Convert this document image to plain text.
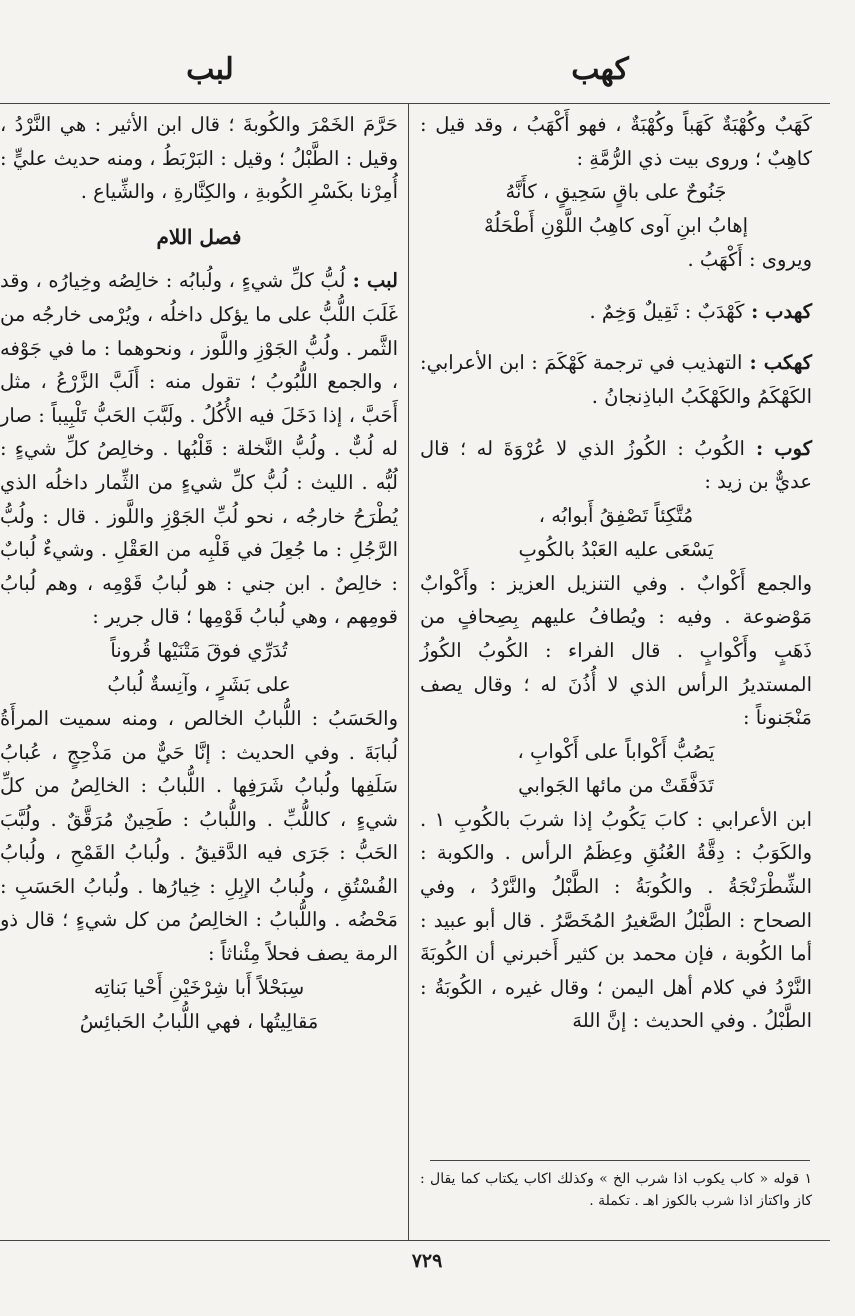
كهب
لبب

كَهَبٌ وكُهْبَةٌ كَهَباً وكُهْبَةٌ ، فهو أَكْهَبُ ، وقد قيل : كاهِبٌ ؛ وروى بيت ذي الرُّمَّةِ :

جَنُوحٌ على باقٍ سَحِيقٍ ، كأَنَّهُ

إهابُ ابنِ آوى كاهِبُ اللَّوْنِ أَطْحَلُهْ

ويروى : أَكْهَبُ .

كهدب : كَهْدَبٌ : ثَقِيلٌ وَخِمٌ .

كهكب : التهذيب في ترجمة كَهْكَمَ : ابن الأعرابي: الكَهْكَمُ والكَهْكَبُ الباذِنجانُ .

كوب : الكُوبُ : الكُوزُ الذي لا عُرْوَةَ له ؛ قال عديٌّ بن زيد :

مُتَّكِئاً تَصْفِقُ أَبوابُه ،

يَسْعَى عليه العَبْدُ بالكُوبِ

والجمع أَكْوابٌ . وفي التنزيل العزيز : وأَكْوابٌ مَوْضوعة . وفيه : ويُطافُ عليهم بِصِحافٍ من ذَهَبٍ وأَكْوابٍ . قال الفراء : الكُوبُ الكُوزُ المستديرُ الرأس الذي لا أُذُنَ له ؛ وقال يصف مَنْجَنوناً :

يَصُبُّ أَكْواباً على أَكْوابِ ،

تَدَفَّقَتْ من مائها الجَوابي

ابن الأعرابي : كابَ يَكُوبُ إذا شربَ بالكُوبِ ١ . والكَوَبُ : دِقَّةُ العُنُقِ وعِظَمُ الرأس . والكوبة : الشِّطْرَنْجَةُ . والكُوبَةُ : الطَّبْلُ والنَّرْدُ ، وفي الصحاح : الطَّبْلُ الصَّغيرُ المُخَصَّرُ . قال أبو عبيد : أما الكُوبة ، فإن محمد بن كثير أَخبرني أن الكُوبَةَ النَّرْدُ في كلام أهل اليمن ؛ وقال غيره ، الكُوبَةُ : الطَّبْلُ . وفي الحديث : إنَّ اللهَ

حَرَّمَ الخَمْرَ والكُوبةَ ؛ قال ابن الأثير : هي النَّرْدُ ، وقيل : الطَّبْلُ ؛ وقيل : البَرْبَطُ ، ومنه حديث عليٍّ : أُمِرْنا بكَسْرِ الكُوبةِ ، والكِنَّارةِ ، والشِّياع .

فصل اللام

لبب : لُبُّ كلِّ شيءٍ ، ولُبابُه : خالِصُه وخِيارُه ، وقد غَلَبَ اللُّبُّ على ما يؤكل داخلُه ، ويُرْمى خارجُه من الثَّمر . ولُبُّ الجَوْزِ واللَّوز ، ونحوهما : ما في جَوْفه ، والجمع اللُّبُوبُ ؛ تقول منه : أَلَبَّ الزَّرْعُ ، مثل أَحَبَّ ، إذا دَخَلَ فيه الأُكُلُ . ولَبَّبَ الحَبُّ تَلْبِيباً : صار له لُبٌّ . ولُبُّ النَّخلة : قَلْبُها . وخالِصُ كلِّ شيءٍ : لُبُّه . الليث : لُبُّ كلِّ شيءٍ من الثِّمار داخلُه الذي يُطْرَحُ خارجُه ، نحو لُبِّ الجَوْزِ واللَّوز . قال : ولُبُّ الرَّجُلِ : ما جُعِلَ في قَلْبِه من العَقْلِ . وشيءٌ لُبابٌ : خالِصٌ . ابن جني : هو لُبابُ قَوْمِه ، وهم لُبابُ قومِهم ، وهي لُبابُ قَوْمِها ؛ قال جرير :

تُدَرِّي فوقَ مَتْنَيْها قُروناً

على بَشَرٍ ، وآنِسةٌ لُبابُ

والحَسَبُ : اللُّبابُ الخالص ، ومنه سميت المرأَةُ لُبابَةَ . وفي الحديث : إنَّا حَيٌّ من مَذْحِجٍ ، عُبابُ سَلَفِها ولُبابُ شَرَفِها . اللُّبابُ : الخالِصُ من كلِّ شيءٍ ، كاللُّبِّ . واللُّبابُ : طَحِينٌ مُرَقَّقٌ . ولُبَّبَ الحَبُّ : جَرَى فيه الدَّقيقُ . ولُبابُ القَمْحِ ، ولُبابُ الفُسْتُقِ ، ولُبابُ الإبِلِ : خِيارُها . ولُبابُ الحَسَبِ : مَحْضُه . واللُّبابُ : الخالِصُ من كل شيءٍ ؛ قال ذو الرمة يصف فحلاً مِئْناثاً :

سِبَحْلاً أَبا شِرْخَيْنِ أَحْيا بَناتِه

مَقالِيتُها ، فهي اللُّبابُ الحَبائِسُ

١ قوله « كاب يكوب اذا شرب الخ » وكذلك اكاب يكتاب كما يقال : كاز واكتاز اذا شرب بالكوز اهـ . تكملة .
٧٢٩
